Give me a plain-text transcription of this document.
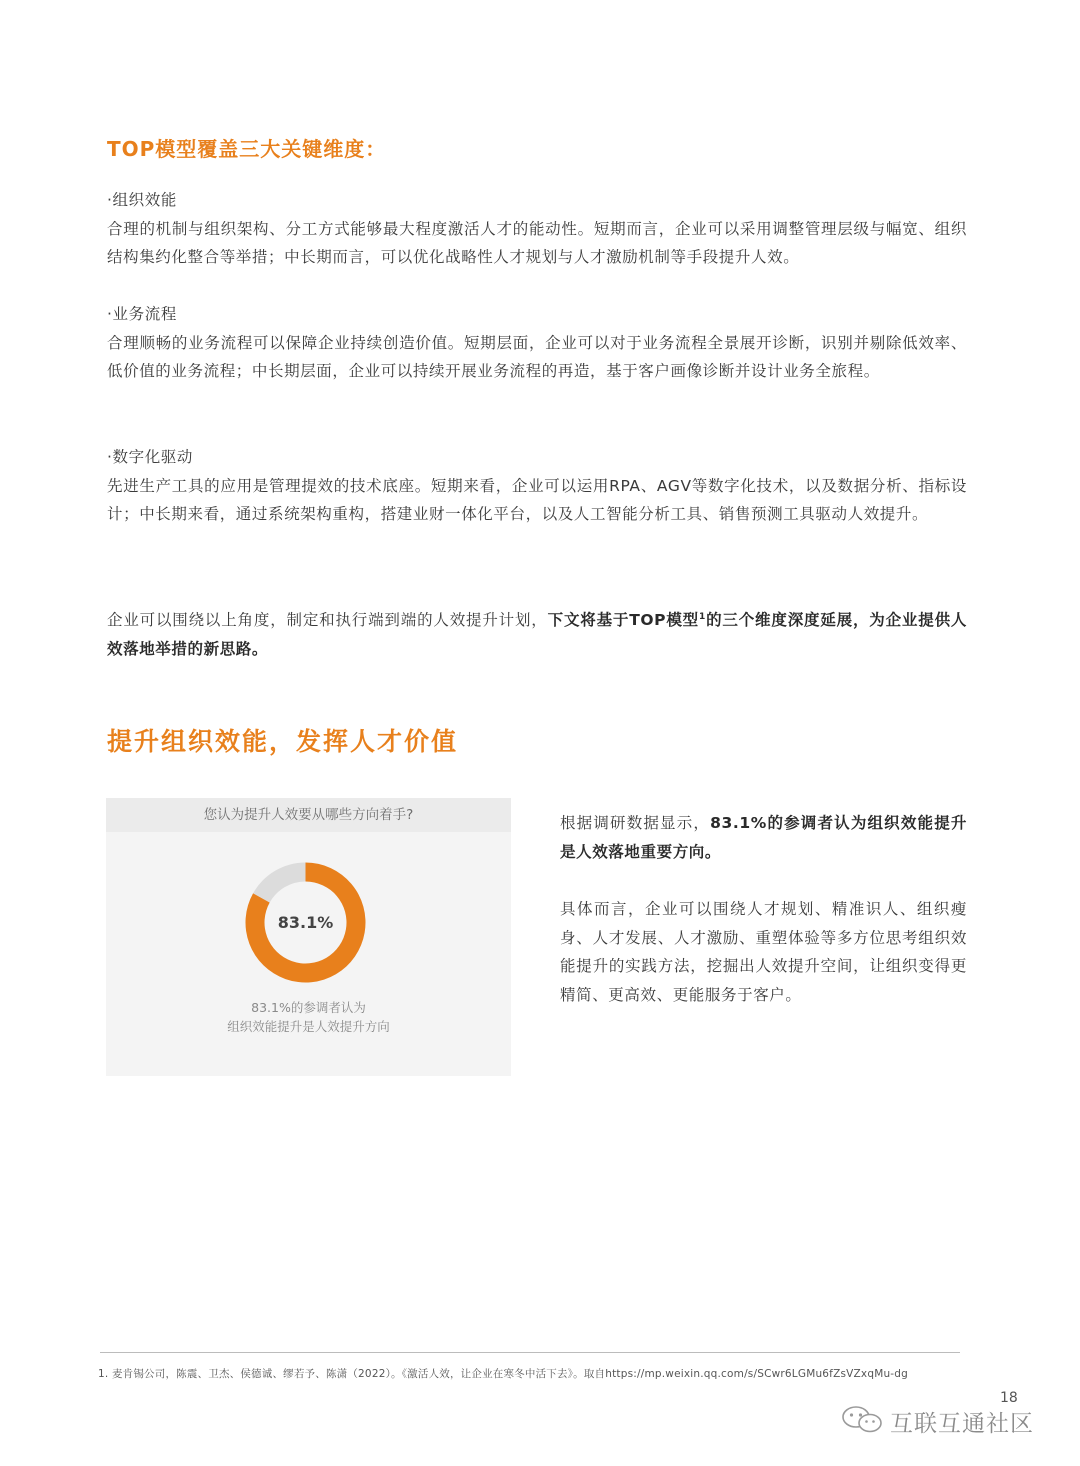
TOP模型覆盖三大关键维度：
·组织效能
合理的机制与组织架构、分工方式能够最大程度激活人才的能动性。短期而言，企业可以采用调整管理层级与幅宽、组织结构集约化整合等举措；中长期而言，可以优化战略性人才规划与人才激励机制等手段提升人效。
·业务流程
合理顺畅的业务流程可以保障企业持续创造价值。短期层面，企业可以对于业务流程全景展开诊断，识别并剔除低效率、低价值的业务流程；中长期层面，企业可以持续开展业务流程的再造，基于客户画像诊断并设计业务全旅程。
·数字化驱动
先进生产工具的应用是管理提效的技术底座。短期来看，企业可以运用RPA、AGV等数字化技术，以及数据分析、指标设计；中长期来看，通过系统架构重构，搭建业财一体化平台，以及人工智能分析工具、销售预测工具驱动人效提升。
企业可以围绕以上角度，制定和执行端到端的人效提升计划，下文将基于TOP模型$^1$的三个维度深度延展，为企业提供人效落地举措的新思路。
提升组织效能，发挥人才价值
您认为提升人效要从哪些方向着手?
83.1%
83.1%的参调者认为
组织效能提升是人效提升方向
根据调研数据显示，83.1%的参调者认为组织效能提升是人效落地重要方向。
具体而言，企业可以围绕人才规划、精准识人、组织瘦身、人才发展、人才激励、重塑体验等多方位思考组织效能提升的实践方法，挖掘出人效提升空间，让组织变得更精简、更高效、更能服务于客户。
1. 麦肯锡公司，陈震、卫杰、侯德诚、缪若予、陈潇（2022）。《激活人效，让企业在寒冬中活下去》。取自https://mp.weixin.qq.com/s/SCwr6LGMu6fZsVZxqMu-dg
18
互联互通社区
